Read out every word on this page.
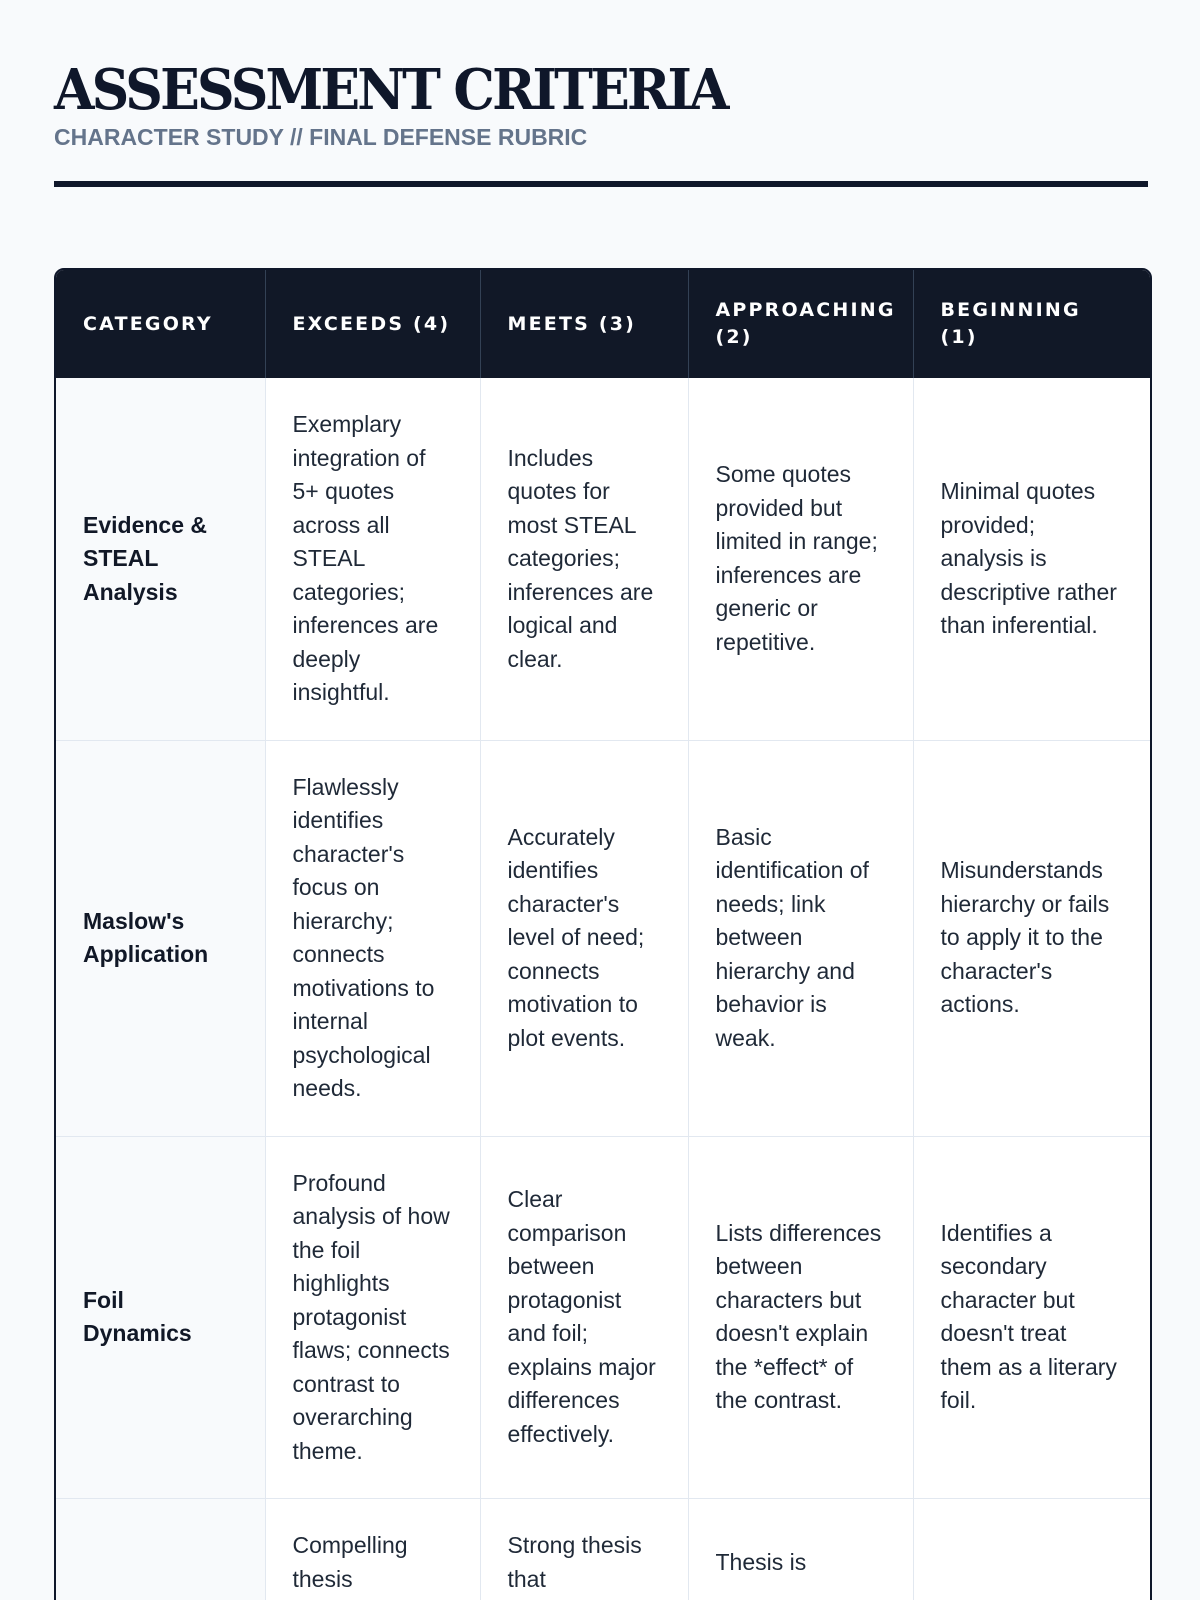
ASSESSMENT CRITERIA
CHARACTER STUDY // FINAL DEFENSE RUBRIC
CATEGORY	EXCEEDS (4)	MEETS (3)	APPROACHING (2)	BEGINNING (1)
Evidence & STEAL Analysis	Exemplary integration of 5+ quotes across all STEAL categories; inferences are deeply insightful.	Includes quotes for most STEAL categories; inferences are logical and clear.	Some quotes provided but limited in range; inferences are generic or repetitive.	Minimal quotes provided; analysis is descriptive rather than inferential.
Maslow's Application	Flawlessly identifies character's focus on hierarchy; connects motivations to internal psychological needs.	Accurately identifies character's level of need; connects motivation to plot events.	Basic identification of needs; link between hierarchy and behavior is weak.	Misunderstands hierarchy or fails to apply it to the character's actions.
Foil Dynamics	Profound analysis of how the foil highlights protagonist flaws; connects contrast to overarching theme.	Clear comparison between protagonist and foil; explains major differences effectively.	Lists differences between characters but doesn't explain the *effect* of the contrast.	Identifies a secondary character but doesn't treat them as a literary foil.
	Compelling thesis	Strong thesis that	Thesis is	
